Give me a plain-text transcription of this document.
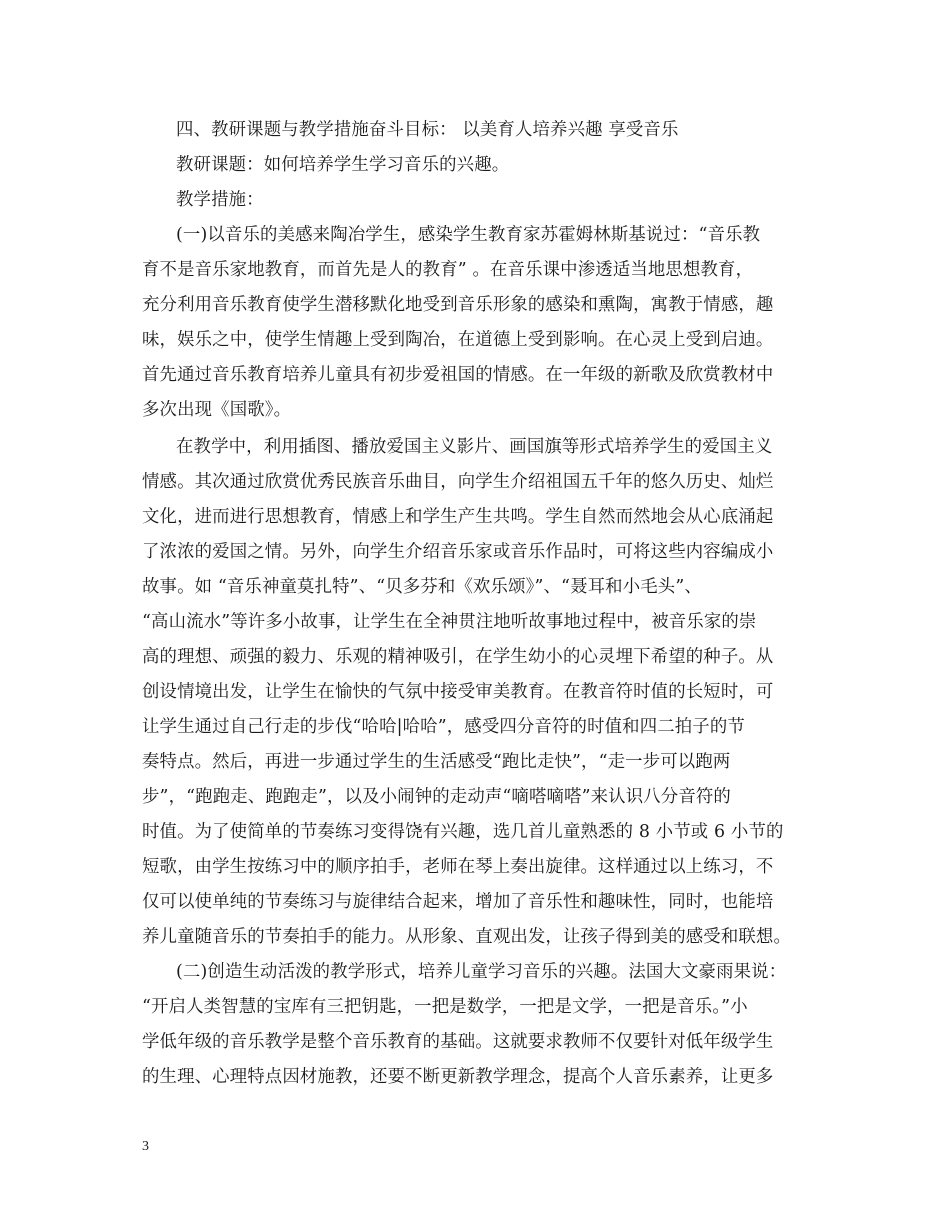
四、教研课题与教学措施奋斗目标： 以美育人培养兴趣 享受音乐
教研课题：如何培养学生学习音乐的兴趣。
教学措施：
(一)以音乐的美感来陶冶学生，感染学生教育家苏霍姆林斯基说过：“音乐教
育不是音乐家地教育，而首先是人的教育” 。在音乐课中渗透适当地思想教育，
充分利用音乐教育使学生潜移默化地受到音乐形象的感染和熏陶，寓教于情感，趣
味，娱乐之中，使学生情趣上受到陶冶，在道德上受到影响。在心灵上受到启迪。
首先通过音乐教育培养儿童具有初步爱祖国的情感。在一年级的新歌及欣赏教材中
多次出现《国歌》。
在教学中，利用插图、播放爱国主义影片、画国旗等形式培养学生的爱国主义
情感。其次通过欣赏优秀民族音乐曲目，向学生介绍祖国五千年的悠久历史、灿烂
文化，进而进行思想教育，情感上和学生产生共鸣。学生自然而然地会从心底涌起
了浓浓的爱国之情。另外，向学生介绍音乐家或音乐作品时，可将这些内容编成小
故事。如 “音乐神童莫扎特”、“贝多芬和《欢乐颂》”、“聂耳和小毛头”、
“高山流水”等许多小故事，让学生在全神贯注地听故事地过程中，被音乐家的崇
高的理想、顽强的毅力、乐观的精神吸引，在学生幼小的心灵埋下希望的种子。从
创设情境出发，让学生在愉快的气氛中接受审美教育。在教音符时值的长短时，可
让学生通过自己行走的步伐“哈哈|哈哈”，感受四分音符的时值和四二拍子的节
奏特点。然后，再进一步通过学生的生活感受“跑比走快”，“走一步可以跑两
步”，“跑跑走、跑跑走”，以及小闹钟的走动声“嘀嗒嘀嗒”来认识八分音符的
时值。为了使简单的节奏练习变得饶有兴趣，选几首儿童熟悉的 8 小节或 6 小节的
短歌，由学生按练习中的顺序拍手，老师在琴上奏出旋律。这样通过以上练习，不
仅可以使单纯的节奏练习与旋律结合起来，增加了音乐性和趣味性，同时，也能培
养儿童随音乐的节奏拍手的能力。从形象、直观出发，让孩子得到美的感受和联想。
(二)创造生动活泼的教学形式，培养儿童学习音乐的兴趣。法国大文豪雨果说：
“开启人类智慧的宝库有三把钥匙，一把是数学，一把是文学，一把是音乐。”小
学低年级的音乐教学是整个音乐教育的基础。这就要求教师不仅要针对低年级学生
的生理、心理特点因材施教，还要不断更新教学理念，提高个人音乐素养，让更多
3
